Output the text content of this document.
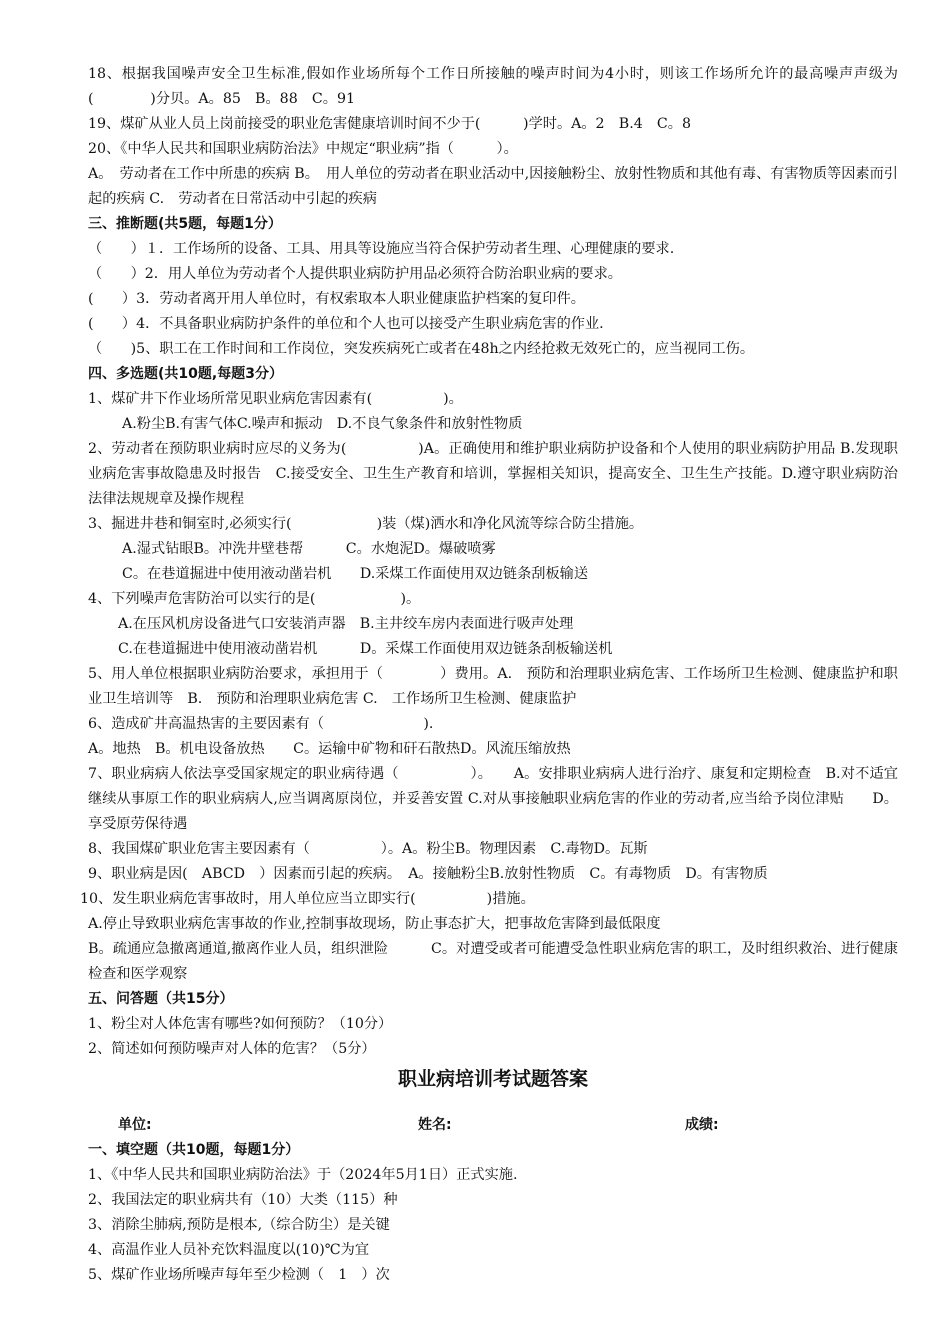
18、根据我国噪声安全卫生标准,假如作业场所每个工作日所接触的噪声时间为4小时，则该工作场所允许的最高噪声声级为(　　　　)分贝。A。85　B。88　C。91

19、煤矿从业人员上岗前接受的职业危害健康培训时间不少于(　　　)学时。A。2　B.4　C。8

20、《中华人民共和国职业病防治法》中规定“职业病”指（　　　）。

A。　劳动者在工作中所患的疾病 B。　用人单位的劳动者在职业活动中,因接触粉尘、放射性物质和其他有毒、有害物质等因素而引起的疾病 C.　劳动者在日常活动中引起的疾病

三、推断题(共5题，每题1分）

（　　）１．工作场所的设备、工具、用具等设施应当符合保护劳动者生理、心理健康的要求.

（　　）2．用人单位为劳动者个人提供职业病防护用品必须符合防治职业病的要求。

(　　）3．劳动者离开用人单位时，有权索取本人职业健康监护档案的复印件。

(　　）4．不具备职业病防护条件的单位和个人也可以接受产生职业病危害的作业.

（　　)5、职工在工作时间和工作岗位，突发疾病死亡或者在48h之内经抢救无效死亡的，应当视同工伤。

四、多选题(共10题,每题3分）

1、煤矿井下作业场所常见职业病危害因素有(　　　　　)。

A.粉尘B.有害气体C.噪声和振动　D.不良气象条件和放射性物质

2、劳动者在预防职业病时应尽的义务为(　　　　　)A。正确使用和维护职业病防护设备和个人使用的职业病防护用品 B.发现职业病危害事故隐患及时报告　C.接受安全、卫生生产教育和培训，掌握相关知识，提高安全、卫生生产技能。D.遵守职业病防治法律法规规章及操作规程

3、掘进井巷和铜室时,必须实行(　　　　　　)装（煤)洒水和净化风流等综合防尘措施。

A.湿式钻眼B。冲洗井壁巷帮　　　C。水炮泥D。爆破喷雾

C。在巷道掘进中使用液动凿岩机　　D.采煤工作面使用双边链条刮板输送

4、下列噪声危害防治可以实行的是(　　　　　　)。

A.在压风机房设备进气口安装消声器　B.主井绞车房内表面进行吸声处理

C.在巷道掘进中使用液动凿岩机　　　D。采煤工作面使用双边链条刮板输送机

5、用人单位根据职业病防治要求，承担用于（　　　　）费用。A.　预防和治理职业病危害、工作场所卫生检测、健康监护和职业卫生培训等　B.　预防和治理职业病危害 C.　工作场所卫生检测、健康监护

6、造成矿井高温热害的主要因素有（　　　　　　　).

A。地热　B。机电设备放热　　C。运输中矿物和矸石散热D。风流压缩放热

7、职业病病人依法享受国家规定的职业病待遇（　　　　　）。　　A。安排职业病病人进行治疗、康复和定期检查　B.对不适宜继续从事原工作的职业病病人,应当调离原岗位，并妥善安置 C.对从事接触职业病危害的作业的劳动者,应当给予岗位津贴　　D。享受原劳保待遇

8、我国煤矿职业危害主要因素有（　　　　　）。A。粉尘B。物理因素　C.毒物D。瓦斯

9、职业病是因(　ABCD　）因素而引起的疾病。　A。接触粉尘B.放射性物质　C。有毒物质　D。有害物质

10、发生职业病危害事故时，用人单位应当立即实行(　　　　　)措施。

A.停止导致职业病危害事故的作业,控制事故现场，防止事态扩大，把事故危害降到最低限度

B。疏通应急撤离通道,撤离作业人员，组织泄险　　　C。对遭受或者可能遭受急性职业病危害的职工，及时组织救治、进行健康检查和医学观察

五、问答题（共15分）

1、粉尘对人体危害有哪些?如何预防？（10分）

2、简述如何预防噪声对人体的危害？（5分）

职业病培训考试题答案

单位:	姓名:	成绩:

一、填空题（共10题，每题1分）

1、《中华人民共和国职业病防治法》于（2024年5月1日）正式实施.

2、我国法定的职业病共有（10）大类（115）种

3、消除尘肺病,预防是根本,（综合防尘）是关键

4、高温作业人员补充饮料温度以(10)℃为宜

5、煤矿作业场所噪声每年至少检测（　1　）次
